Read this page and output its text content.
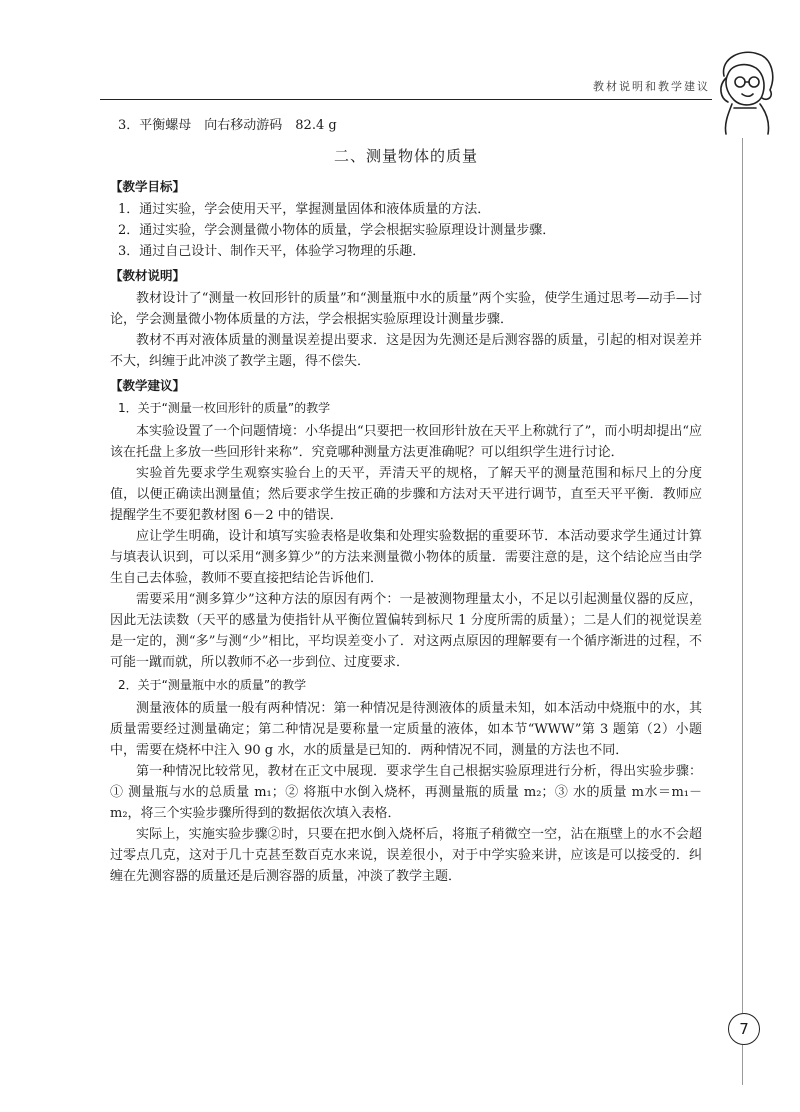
教材说明和教学建议

3．平衡螺母　向右移动游码　82.4 g

二、测量物体的质量

【教学目标】

1．通过实验，学会使用天平，掌握测量固体和液体质量的方法．

2．通过实验，学会测量微小物体的质量，学会根据实验原理设计测量步骤．

3．通过自己设计、制作天平，体验学习物理的乐趣．

【教材说明】

教材设计了“测量一枚回形针的质量”和“测量瓶中水的质量”两个实验，使学生通过思考—动手—讨论，学会测量微小物体质量的方法，学会根据实验原理设计测量步骤．

教材不再对液体质量的测量误差提出要求．这是因为先测还是后测容器的质量，引起的相对误差并不大，纠缠于此冲淡了教学主题，得不偿失．

【教学建议】

1．关于“测量一枚回形针的质量”的教学

本实验设置了一个问题情境：小华提出“只要把一枚回形针放在天平上称就行了”，而小明却提出“应该在托盘上多放一些回形针来称”．究竟哪种测量方法更准确呢？可以组织学生进行讨论．

实验首先要求学生观察实验台上的天平，弄清天平的规格，了解天平的测量范围和标尺上的分度值，以便正确读出测量值；然后要求学生按正确的步骤和方法对天平进行调节，直至天平平衡．教师应提醒学生不要犯教材图 6－2 中的错误．

应让学生明确，设计和填写实验表格是收集和处理实验数据的重要环节．本活动要求学生通过计算与填表认识到，可以采用“测多算少”的方法来测量微小物体的质量．需要注意的是，这个结论应当由学生自己去体验，教师不要直接把结论告诉他们．

需要采用“测多算少”这种方法的原因有两个：一是被测物理量太小，不足以引起测量仪器的反应，因此无法读数（天平的感量为使指针从平衡位置偏转到标尺 1 分度所需的质量）；二是人们的视觉误差是一定的，测“多”与测“少”相比，平均误差变小了．对这两点原因的理解要有一个循序渐进的过程，不可能一蹴而就，所以教师不必一步到位、过度要求．

2．关于“测量瓶中水的质量”的教学

测量液体的质量一般有两种情况：第一种情况是待测液体的质量未知，如本活动中烧瓶中的水，其质量需要经过测量确定；第二种情况是要称量一定质量的液体，如本节“WWW”第 3 题第（2）小题中，需要在烧杯中注入 90 g 水，水的质量是已知的．两种情况不同，测量的方法也不同．

第一种情况比较常见，教材在正文中展现．要求学生自己根据实验原理进行分析，得出实验步骤：① 测量瓶与水的总质量 m₁；② 将瓶中水倒入烧杯，再测量瓶的质量 m₂；③ 水的质量 m水＝m₁－m₂，将三个实验步骤所得到的数据依次填入表格．

实际上，实施实验步骤②时，只要在把水倒入烧杯后，将瓶子稍微空一空，沾在瓶壁上的水不会超过零点几克，这对于几十克甚至数百克水来说，误差很小，对于中学实验来讲，应该是可以接受的．纠缠在先测容器的质量还是后测容器的质量，冲淡了教学主题．

7
